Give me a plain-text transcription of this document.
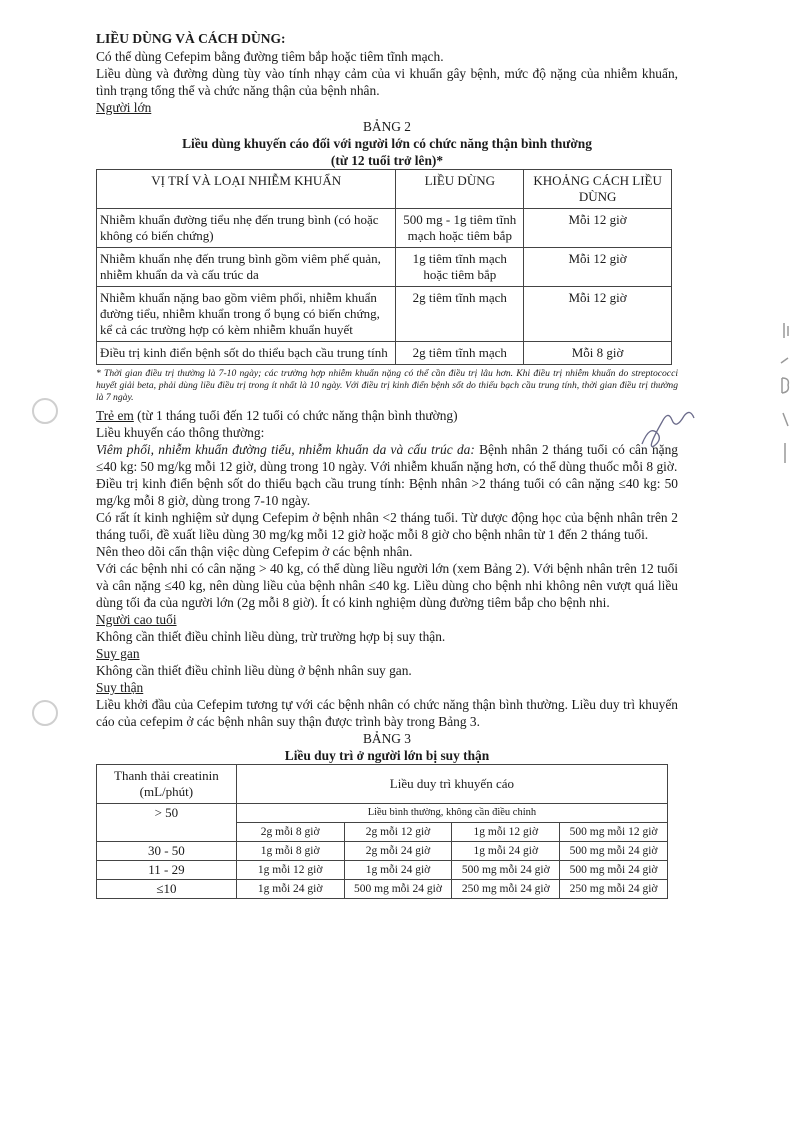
LIỀU DÙNG VÀ CÁCH DÙNG:

Có thể dùng Cefepim bằng đường tiêm bắp hoặc tiêm tĩnh mạch.

Liều dùng và đường dùng tùy vào tính nhạy cảm của vi khuẩn gây bệnh, mức độ nặng của nhiễm khuẩn, tình trạng tổng thể và chức năng thận của bệnh nhân.

Người lớn

BẢNG 2

Liều dùng khuyến cáo đối với người lớn có chức năng thận bình thường

(từ 12 tuổi trở lên)*

VỊ TRÍ VÀ LOẠI NHIỄM KHUẨN	LIỀU DÙNG	KHOẢNG CÁCH LIỀU DÙNG
Nhiễm khuẩn đường tiểu nhẹ đến trung bình (có hoặc không có biến chứng)	500 mg - 1g tiêm tĩnh mạch hoặc tiêm bắp	Mỗi 12 giờ
Nhiễm khuẩn nhẹ đến trung bình gồm viêm phế quản, nhiễm khuẩn da và cấu trúc da	1g tiêm tĩnh mạch hoặc tiêm bắp	Mỗi 12 giờ
Nhiễm khuẩn nặng bao gồm viêm phổi, nhiễm khuẩn đường tiểu, nhiễm khuẩn trong ổ bụng có biến chứng, kể cả các trường hợp có kèm nhiễm khuẩn huyết	2g tiêm tĩnh mạch	Mỗi 12 giờ
Điều trị kinh điển bệnh sốt do thiểu bạch cầu trung tính	2g tiêm tĩnh mạch	Mỗi 8 giờ

* Thời gian điều trị thường là 7-10 ngày; các trường hợp nhiễm khuẩn nặng có thể cần điều trị lâu hơn. Khi điều trị nhiễm khuẩn do streptococci huyết giải beta, phải dùng liều điều trị trong ít nhất là 10 ngày. Với điều trị kinh điển bệnh sốt do thiểu bạch cầu trung tính, thời gian điều trị thường là 7 ngày.

Trẻ em (từ 1 tháng tuổi đến 12 tuổi có chức năng thận bình thường)

Liều khuyến cáo thông thường:

Viêm phổi, nhiễm khuẩn đường tiểu, nhiễm khuẩn da và cấu trúc da: Bệnh nhân 2 tháng tuổi có cân nặng ≤40 kg: 50 mg/kg mỗi 12 giờ, dùng trong 10 ngày. Với nhiễm khuẩn nặng hơn, có thể dùng thuốc mỗi 8 giờ.

Điều trị kinh điển bệnh sốt do thiểu bạch cầu trung tính: Bệnh nhân >2 tháng tuổi có cân nặng ≤40 kg: 50 mg/kg mỗi 8 giờ, dùng trong 7-10 ngày.

Có rất ít kinh nghiệm sử dụng Cefepim ở bệnh nhân <2 tháng tuổi. Từ dược động học của bệnh nhân trên 2 tháng tuổi, đề xuất liều dùng 30 mg/kg mỗi 12 giờ hoặc mỗi 8 giờ cho bệnh nhân từ 1 đến 2 tháng tuổi.

Nên theo dõi cẩn thận việc dùng Cefepim ở các bệnh nhân.

Với các bệnh nhi có cân nặng > 40 kg, có thể dùng liều người lớn (xem Bảng 2). Với bệnh nhân trên 12 tuổi và cân nặng ≤40 kg, nên dùng liều của bệnh nhân ≤40 kg. Liều dùng cho bệnh nhi không nên vượt quá liều dùng tối đa của người lớn (2g mỗi 8 giờ). Ít có kinh nghiệm dùng đường tiêm bắp cho bệnh nhi.

Người cao tuổi

Không cần thiết điều chỉnh liều dùng, trừ trường hợp bị suy thận.

Suy gan

Không cần thiết điều chỉnh liều dùng ở bệnh nhân suy gan.

Suy thận

Liều khởi đầu của Cefepim tương tự với các bệnh nhân có chức năng thận bình thường. Liều duy trì khuyến cáo của cefepim ở các bệnh nhân suy thận được trình bày trong Bảng 3.

BẢNG 3

Liều duy trì ở người lớn bị suy thận

Thanh thải creatinin (mL/phút)	Liều duy trì khuyến cáo			

> 50	Liều bình thường, không cần điều chỉnh			
	2g mỗi 8 giờ	2g mỗi 12 giờ	1g mỗi 12 giờ	500 mg mỗi 12 giờ
30 - 50	1g mỗi 8 giờ	2g mỗi 24 giờ	1g mỗi 24 giờ	500 mg mỗi 24 giờ
11 - 29	1g mỗi 12 giờ	1g mỗi 24 giờ	500 mg mỗi 24 giờ	500 mg mỗi 24 giờ
≤10	1g mỗi 24 giờ	500 mg mỗi 24 giờ	250 mg mỗi 24 giờ	250 mg mỗi 24 giờ
